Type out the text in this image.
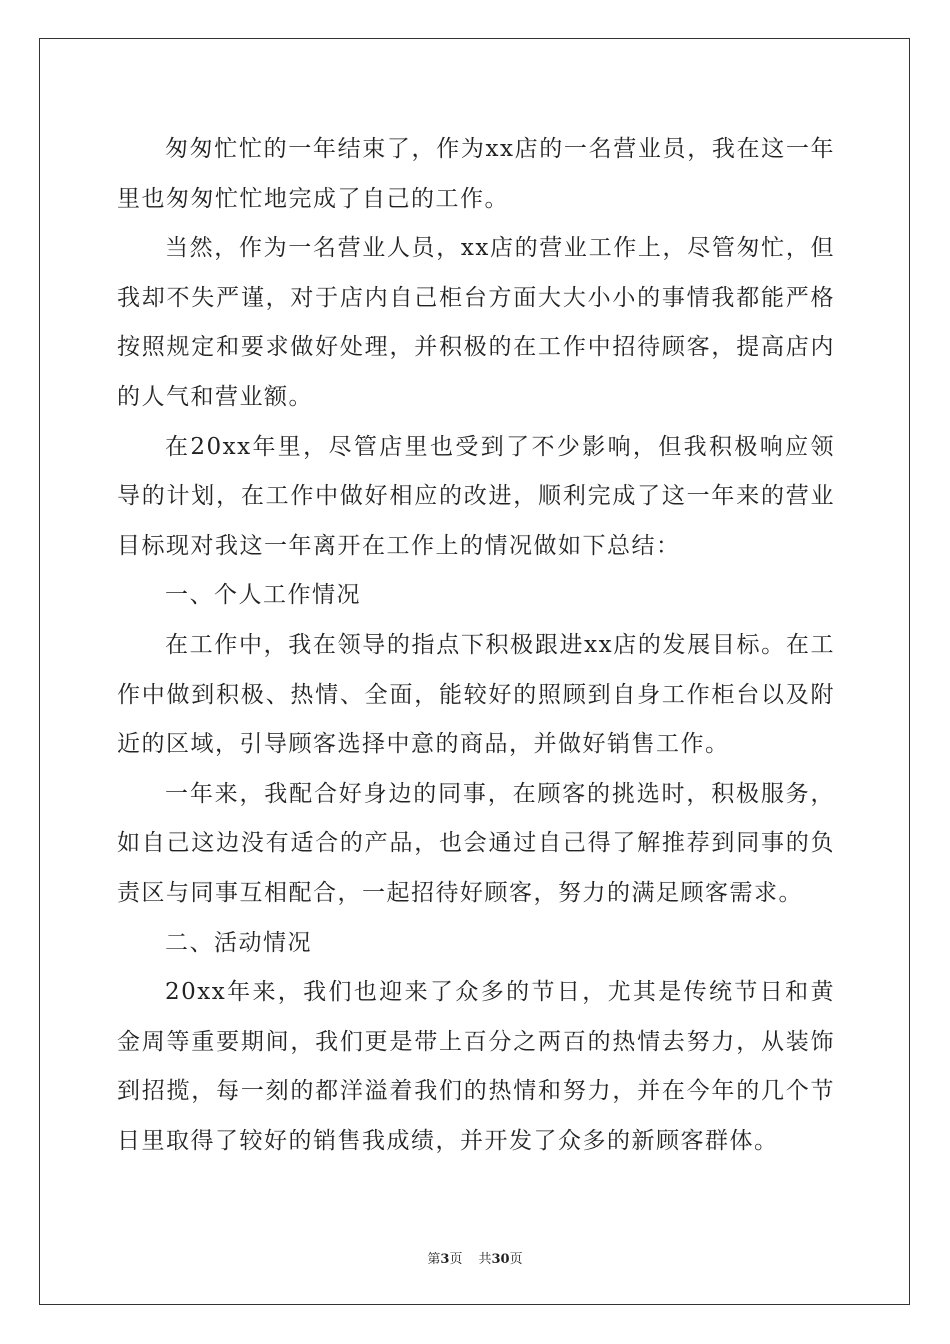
匆匆忙忙的一年结束了，作为xx店的一名营业员，我在这一年里也匆匆忙忙地完成了自己的工作。

当然，作为一名营业人员，xx店的营业工作上，尽管匆忙，但我却不失严谨，对于店内自己柜台方面大大小小的事情我都能严格按照规定和要求做好处理，并积极的在工作中招待顾客，提高店内的人气和营业额。

在20xx年里，尽管店里也受到了不少影响，但我积极响应领导的计划，在工作中做好相应的改进，顺利完成了这一年来的营业目标现对我这一年离开在工作上的情况做如下总结：

一、个人工作情况

在工作中，我在领导的指点下积极跟进xx店的发展目标。在工作中做到积极、热情、全面，能较好的照顾到自身工作柜台以及附近的区域，引导顾客选择中意的商品，并做好销售工作。

一年来，我配合好身边的同事，在顾客的挑选时，积极服务，如自己这边没有适合的产品，也会通过自己得了解推荐到同事的负责区与同事互相配合，一起招待好顾客，努力的满足顾客需求。

二、活动情况

20xx年来，我们也迎来了众多的节日，尤其是传统节日和黄金周等重要期间，我们更是带上百分之两百的热情去努力，从装饰到招揽，每一刻的都洋溢着我们的热情和努力，并在今年的几个节日里取得了较好的销售我成绩，并开发了众多的新顾客群体。

第3页 共30页
